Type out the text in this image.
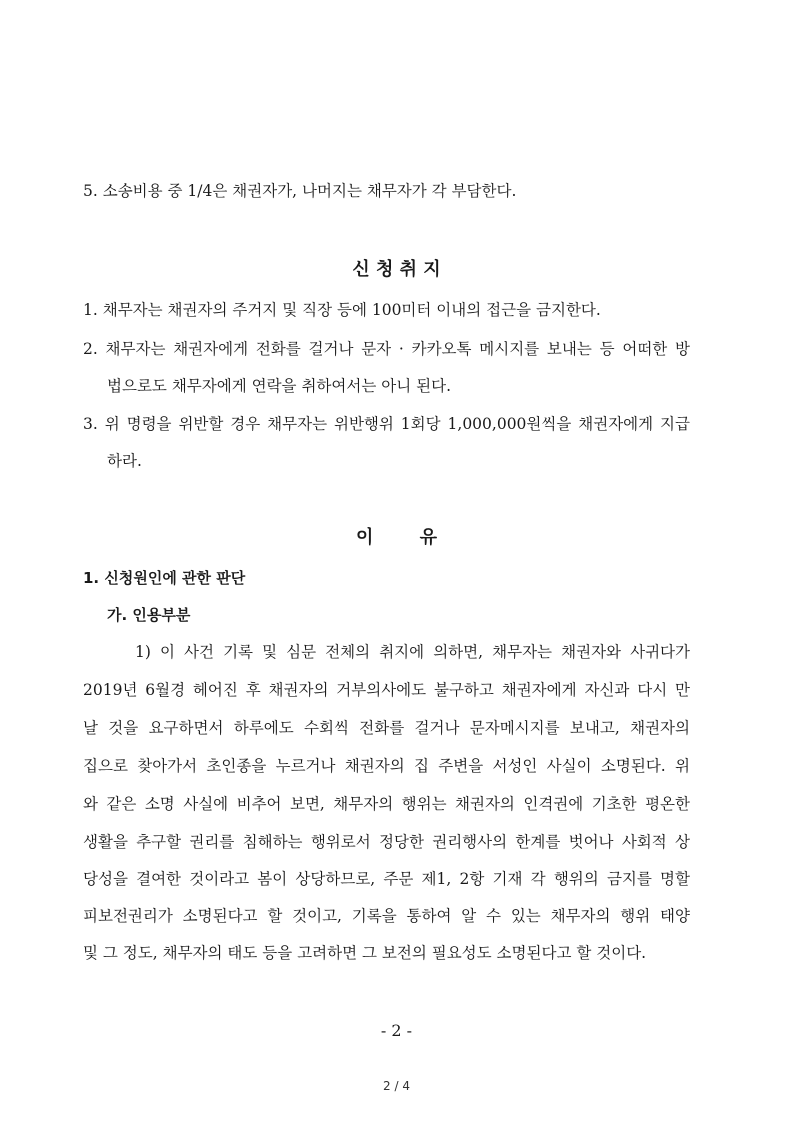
5. 소송비용 중 1/4은 채권자가, 나머지는 채무자가 각 부담한다.
신 청 취 지
1. 채무자는 채권자의 주거지 및 직장 등에 100미터 이내의 접근을 금지한다.
2. 채무자는 채권자에게 전화를 걸거나 문자 · 카카오톡 메시지를 보내는 등 어떠한 방
법으로도 채무자에게 연락을 취하여서는 아니 된다.
3. 위 명령을 위반할 경우 채무자는 위반행위 1회당 1,000,000원씩을 채권자에게 지급
하라.
이 유
1. 신청원인에 관한 판단
가. 인용부분
1) 이 사건 기록 및 심문 전체의 취지에 의하면, 채무자는 채권자와 사귀다가
2019년 6월경 헤어진 후 채권자의 거부의사에도 불구하고 채권자에게 자신과 다시 만
날 것을 요구하면서 하루에도 수회씩 전화를 걸거나 문자메시지를 보내고, 채권자의
집으로 찾아가서 초인종을 누르거나 채권자의 집 주변을 서성인 사실이 소명된다. 위
와 같은 소명 사실에 비추어 보면, 채무자의 행위는 채권자의 인격권에 기초한 평온한
생활을 추구할 권리를 침해하는 행위로서 정당한 권리행사의 한계를 벗어나 사회적 상
당성을 결여한 것이라고 봄이 상당하므로, 주문 제1, 2항 기재 각 행위의 금지를 명할
피보전권리가 소명된다고 할 것이고, 기록을 통하여 알 수 있는 채무자의 행위 태양
및 그 정도, 채무자의 태도 등을 고려하면 그 보전의 필요성도 소명된다고 할 것이다.
- 2 -
2 / 4
